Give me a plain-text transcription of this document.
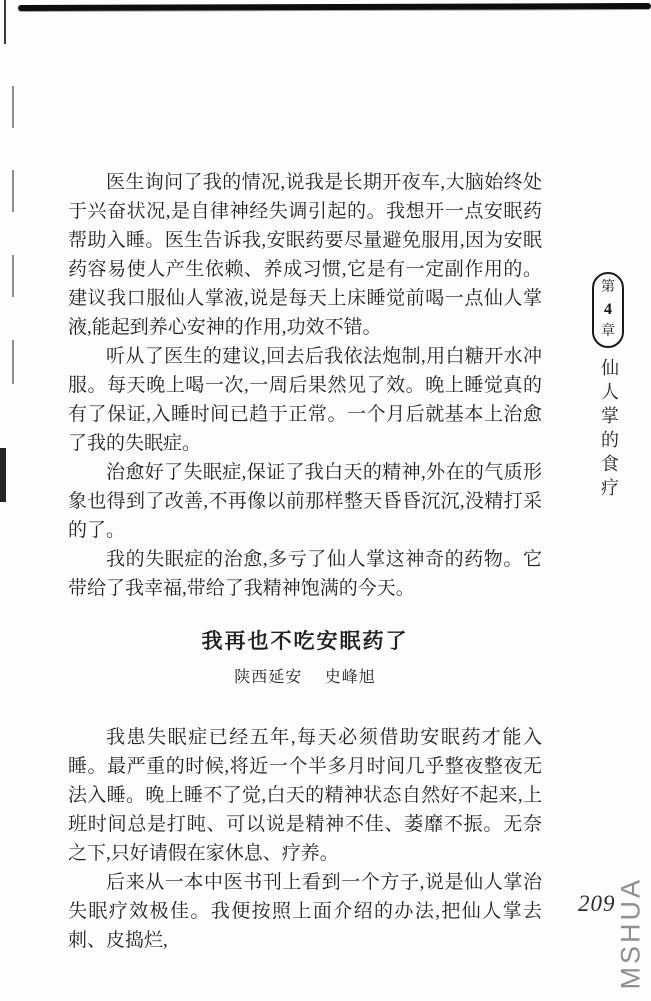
医生询问了我的情况,说我是长期开夜车,大脑始终处于兴奋状况,是自律神经失调引起的。我想开一点安眠药帮助入睡。医生告诉我,安眠药要尽量避免服用,因为安眠药容易使人产生依赖、养成习惯,它是有一定副作用的。建议我口服仙人掌液,说是每天上床睡觉前喝一点仙人掌液,能起到养心安神的作用,功效不错。

听从了医生的建议,回去后我依法炮制,用白糖开水冲服。每天晚上喝一次,一周后果然见了效。晚上睡觉真的有了保证,入睡时间已趋于正常。一个月后就基本上治愈了我的失眠症。

治愈好了失眠症,保证了我白天的精神,外在的气质形象也得到了改善,不再像以前那样整天昏昏沉沉,没精打采的了。

我的失眠症的治愈,多亏了仙人掌这神奇的药物。它带给了我幸福,带给了我精神饱满的今天。

我再也不吃安眠药了
陕西延安 史峰旭

我患失眠症已经五年,每天必须借助安眠药才能入睡。最严重的时候,将近一个半多月时间几乎整夜整夜无法入睡。晚上睡不了觉,白天的精神状态自然好不起来,上班时间总是打盹、可以说是精神不佳、萎靡不振。无奈之下,只好请假在家休息、疗养。

后来从一本中医书刊上看到一个方子,说是仙人掌治失眠疗效极佳。我便按照上面介绍的办法,把仙人掌去刺、皮捣烂,

第
4
章
仙人掌的食疗
209 MSHUA
